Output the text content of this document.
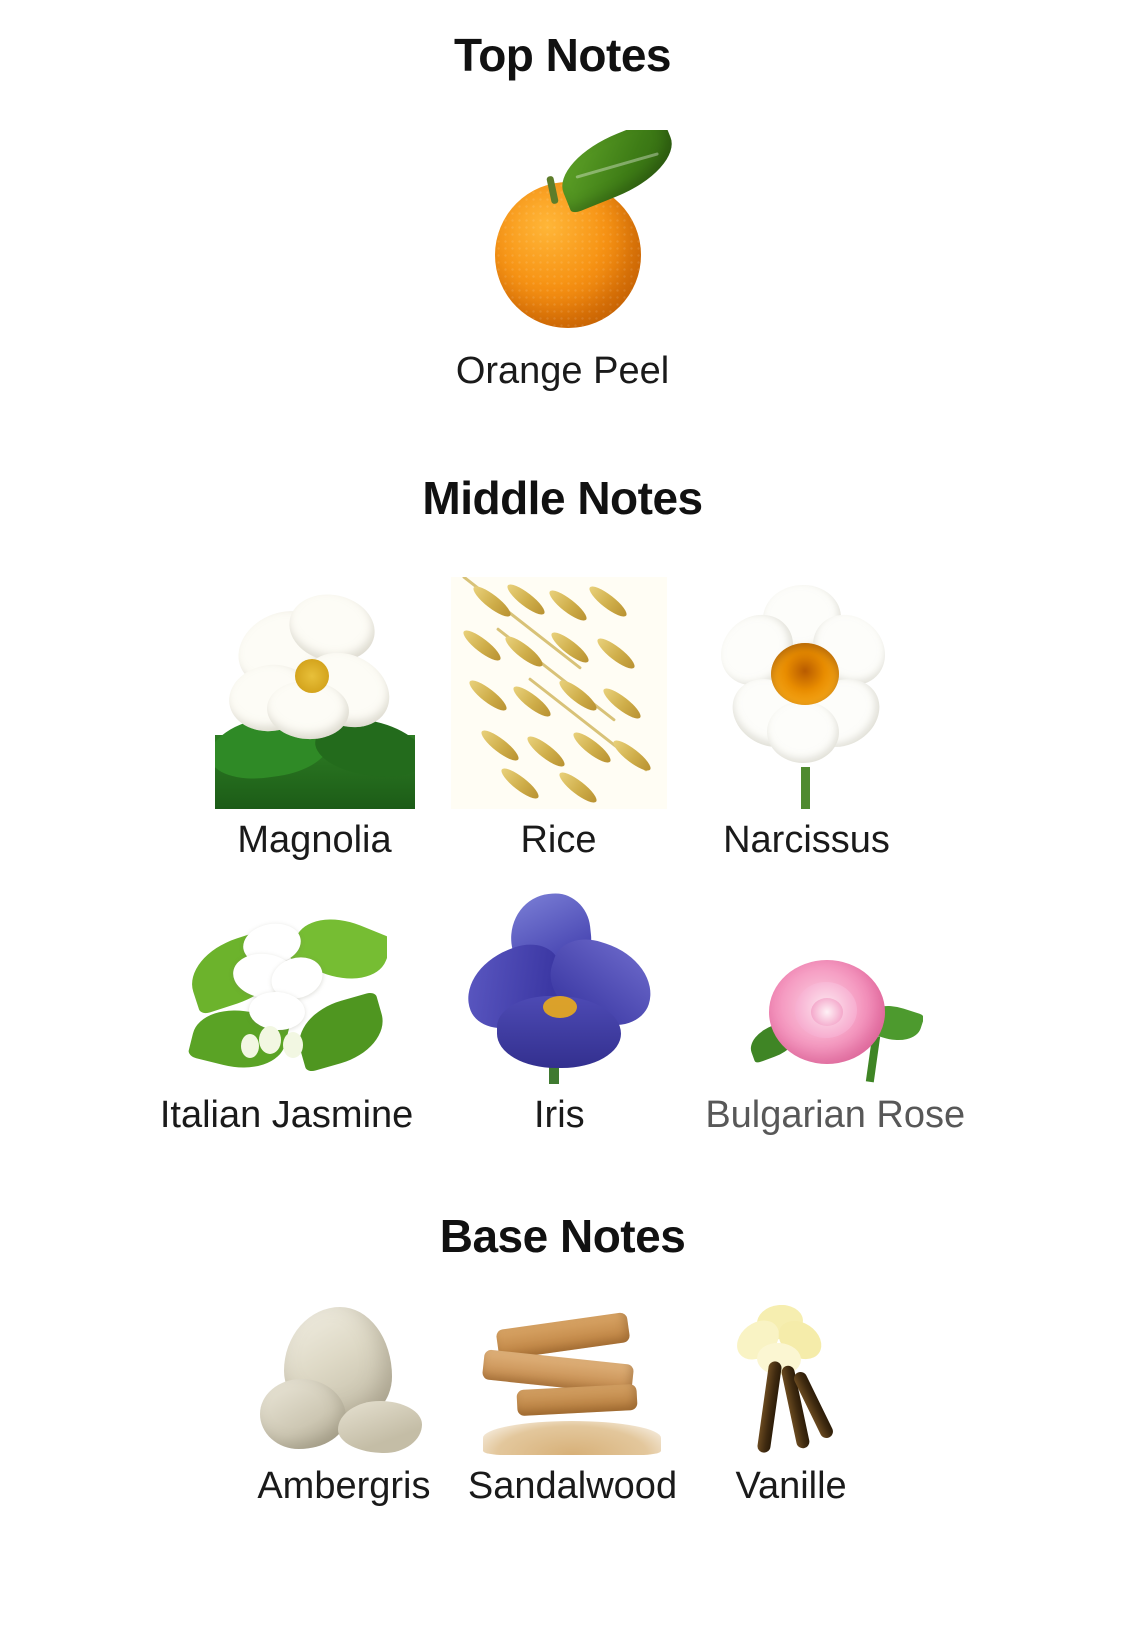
Top Notes
Orange Peel
Middle Notes
Magnolia	Rice	Narcissus
Italian Jasmine	Iris	Bulgarian Rose
Base Notes
Ambergris Sandalwood Vanille
